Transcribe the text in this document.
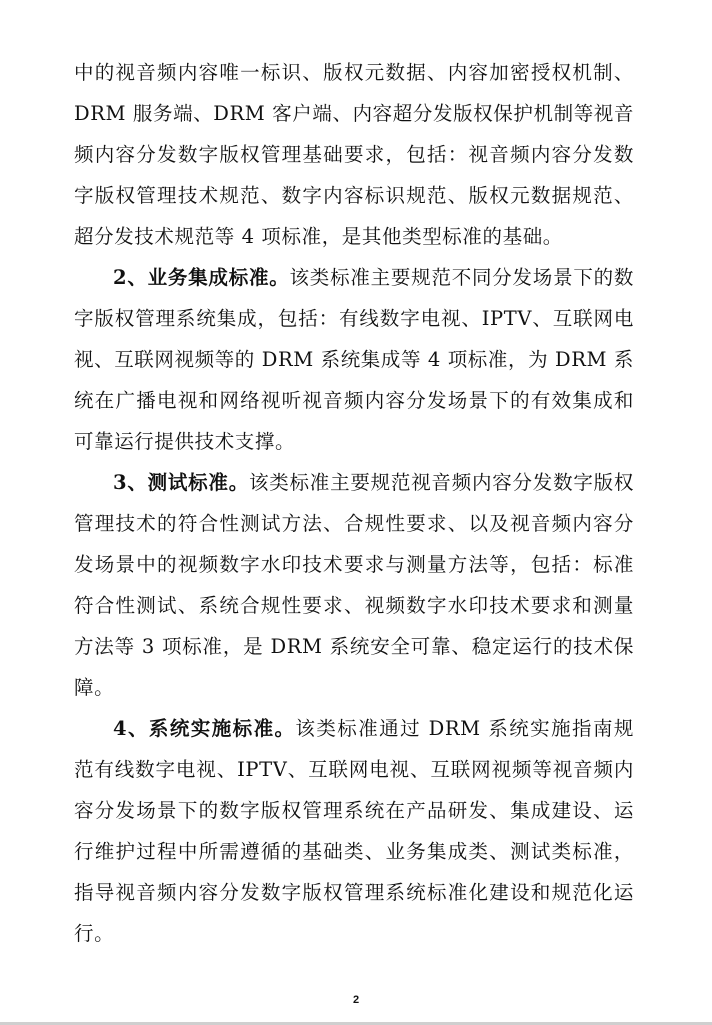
中的视音频内容唯一标识、版权元数据、内容加密授权机制、DRM 服务端、DRM 客户端、内容超分发版权保护机制等视音频内容分发数字版权管理基础要求，包括：视音频内容分发数字版权管理技术规范、数字内容标识规范、版权元数据规范、超分发技术规范等 4 项标准，是其他类型标准的基础。

2、业务集成标准。该类标准主要规范不同分发场景下的数字版权管理系统集成，包括：有线数字电视、IPTV、互联网电视、互联网视频等的 DRM 系统集成等 4 项标准，为 DRM 系统在广播电视和网络视听视音频内容分发场景下的有效集成和可靠运行提供技术支撑。

3、测试标准。该类标准主要规范视音频内容分发数字版权管理技术的符合性测试方法、合规性要求、以及视音频内容分发场景中的视频数字水印技术要求与测量方法等，包括：标准符合性测试、系统合规性要求、视频数字水印技术要求和测量方法等 3 项标准，是 DRM 系统安全可靠、稳定运行的技术保障。

4、系统实施标准。该类标准通过 DRM 系统实施指南规范有线数字电视、IPTV、互联网电视、互联网视频等视音频内容分发场景下的数字版权管理系统在产品研发、集成建设、运行维护过程中所需遵循的基础类、业务集成类、测试类标准，指导视音频内容分发数字版权管理系统标准化建设和规范化运行。

2
